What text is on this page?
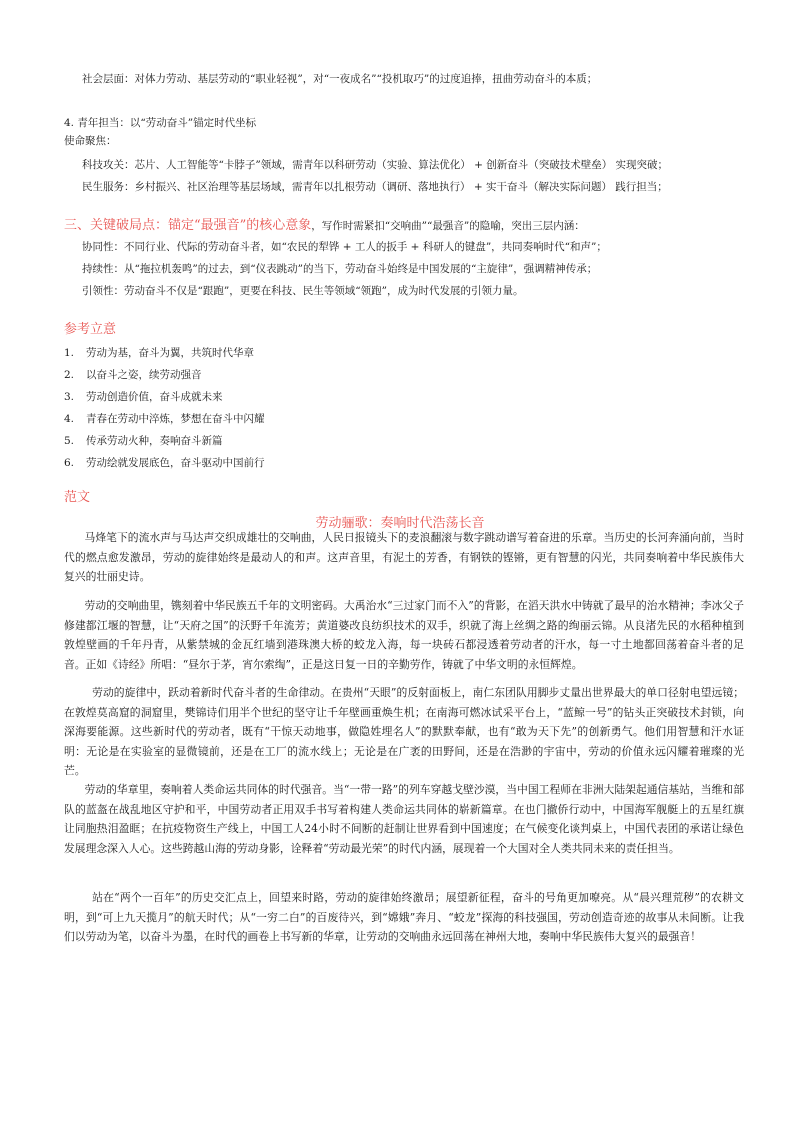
社会层面：对体力劳动、基层劳动的“职业轻视”，对“一夜成名”“投机取巧”的过度追捧，扭曲劳动奋斗的本质；
4. 青年担当：以“劳动奋斗”锚定时代坐标
使命聚焦：
科技攻关：芯片、人工智能等“卡脖子”领域，需青年以科研劳动（实验、算法优化） + 创新奋斗（突破技术壁垒） 实现突破；
民生服务：乡村振兴、社区治理等基层场域，需青年以扎根劳动（调研、落地执行） + 实干奋斗（解决实际问题） 践行担当；
三、关键破局点：锚定“最强音”的核心意象，写作时需紧扣“交响曲”“最强音”的隐喻，突出三层内涵：
协同性：不同行业、代际的劳动奋斗者，如“农民的犁铧 + 工人的扳手 + 科研人的键盘”，共同奏响时代“和声”；
持续性：从“拖拉机轰鸣”的过去，到“仪表跳动”的当下，劳动奋斗始终是中国发展的“主旋律”，强调精神传承；
引领性：劳动奋斗不仅是“跟跑”，更要在科技、民生等领域“领跑”，成为时代发展的引领力量。
参考立意
1. 劳动为基，奋斗为翼，共筑时代华章
2. 以奋斗之姿，续劳动强音
3. 劳动创造价值，奋斗成就未来
4. 青春在劳动中淬炼，梦想在奋斗中闪耀
5. 传承劳动火种，奏响奋斗新篇
6. 劳动绘就发展底色，奋斗驱动中国前行
范文
劳动骊歌：奏响时代浩荡长音
马烽笔下的流水声与马达声交织成雄壮的交响曲，人民日报镜头下的麦浪翻滚与数字跳动谱写着奋进的乐章。当历史的长河奔涌向前，当时代的燃点愈发激昂，劳动的旋律始终是最动人的和声。这声音里，有泥土的芳香，有钢铁的铿锵，更有智慧的闪光，共同奏响着中华民族伟大复兴的壮丽史诗。
劳动的交响曲里，镌刻着中华民族五千年的文明密码。大禹治水“三过家门而不入”的背影，在滔天洪水中铸就了最早的治水精神；李冰父子修建都江堰的智慧，让“天府之国”的沃野千年流芳；黄道婆改良纺织技术的双手，织就了海上丝绸之路的绚丽云锦。从良渚先民的水稻种植到敦煌壁画的千年丹青，从紫禁城的金瓦红墙到港珠澳大桥的蛟龙入海，每一块砖石都浸透着劳动者的汗水，每一寸土地都回荡着奋斗者的足音。正如《诗经》所唱：“昼尔于茅，宵尔索绹”，正是这日复一日的辛勤劳作，铸就了中华文明的永恒辉煌。
劳动的旋律中，跃动着新时代奋斗者的生命律动。在贵州“天眼”的反射面板上，南仁东团队用脚步丈量出世界最大的单口径射电望远镜；在敦煌莫高窟的洞窟里，樊锦诗们用半个世纪的坚守让千年壁画重焕生机；在南海可燃冰试采平台上，“蓝鲸一号”的钻头正突破技术封锁，向深海要能源。这些新时代的劳动者，既有“干惊天动地事，做隐姓埋名人”的默默奉献，也有“敢为天下先”的创新勇气。他们用智慧和汗水证明：无论是在实验室的显微镜前，还是在工厂的流水线上；无论是在广袤的田野间，还是在浩渺的宇宙中，劳动的价值永远闪耀着璀璨的光芒。
劳动的华章里，奏响着人类命运共同体的时代强音。当“一带一路”的列车穿越戈壁沙漠，当中国工程师在非洲大陆架起通信基站，当维和部队的蓝盔在战乱地区守护和平，中国劳动者正用双手书写着构建人类命运共同体的崭新篇章。在也门撤侨行动中，中国海军舰艇上的五星红旗让同胞热泪盈眶；在抗疫物资生产线上，中国工人24小时不间断的赶制让世界看到中国速度；在气候变化谈判桌上，中国代表团的承诺让绿色发展理念深入人心。这些跨越山海的劳动身影，诠释着“劳动最光荣”的时代内涵，展现着一个大国对全人类共同未来的责任担当。
站在“两个一百年”的历史交汇点上，回望来时路，劳动的旋律始终激昂；展望新征程，奋斗的号角更加嘹亮。从“晨兴理荒秽”的农耕文明，到“可上九天揽月”的航天时代；从“一穷二白”的百废待兴，到“嫦娥”奔月、“蛟龙”探海的科技强国，劳动创造奇迹的故事从未间断。让我们以劳动为笔，以奋斗为墨，在时代的画卷上书写新的华章，让劳动的交响曲永远回荡在神州大地，奏响中华民族伟大复兴的最强音！
